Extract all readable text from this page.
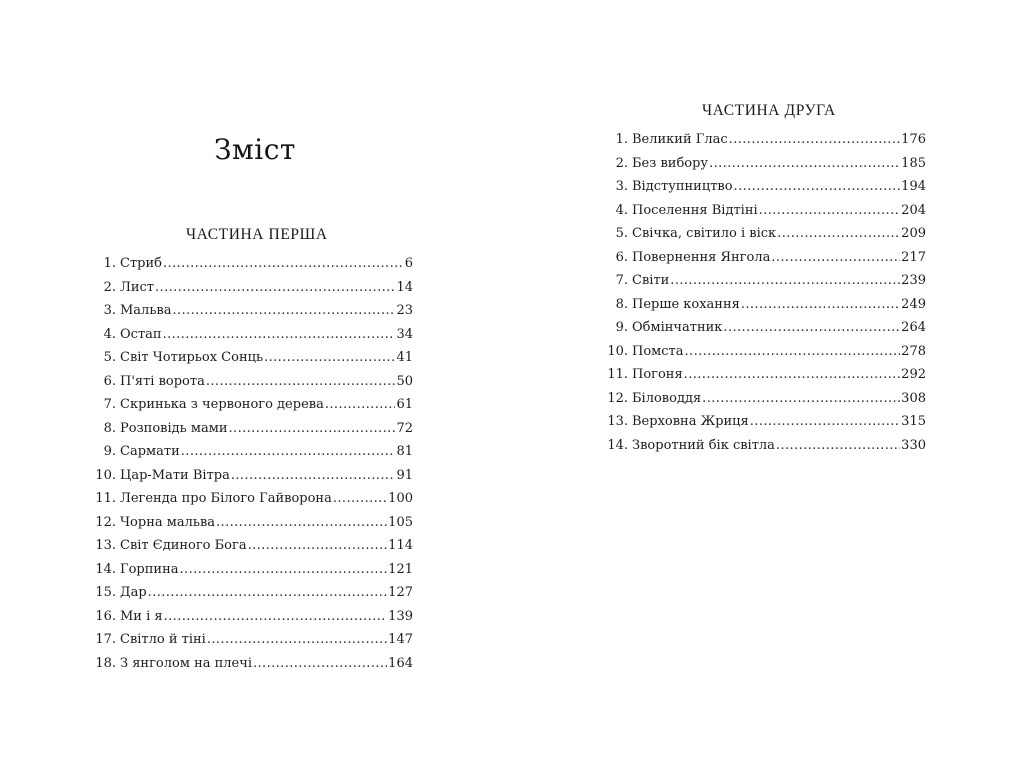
Зміст
ЧАСТИНА ПЕРША
1. Стриб .....	6
2. Лист .....	14
3. Мальва .....	23
4. Остап .....	34
5. Світ Чотирьох Сонць .....	41
6. П'яті ворота .....	50
7. Скринька з червоного дерева .....	61
8. Розповідь мами .....	72
9. Сармати .....	81
10. Цар-Мати Вітра .....	91
11. Легенда про Білого Гайворона .....	100
12. Чорна мальва .....	105
13. Світ Єдиного Бога .....	114
14. Горпина .....	121
15. Дар .....	127
16. Ми і я .....	139
17. Світло й тіні .....	147
18. З янголом на плечі .....	164
ЧАСТИНА ДРУГА
1. Великий Глас .....	176
2. Без вибору .....	185
3. Відступництво .....	194
4. Поселення Відтіні .....	204
5. Свічка, світило і віск .....	209
6. Повернення Янгола .....	217
7. Світи .....	239
8. Перше кохання .....	249
9. Обмінчатник .....	264
10. Помста .....	278
11. Погоня .....	292
12. Біловоддя .....	308
13. Верховна Жриця .....	315
14. Зворотний бік світла .....	330
